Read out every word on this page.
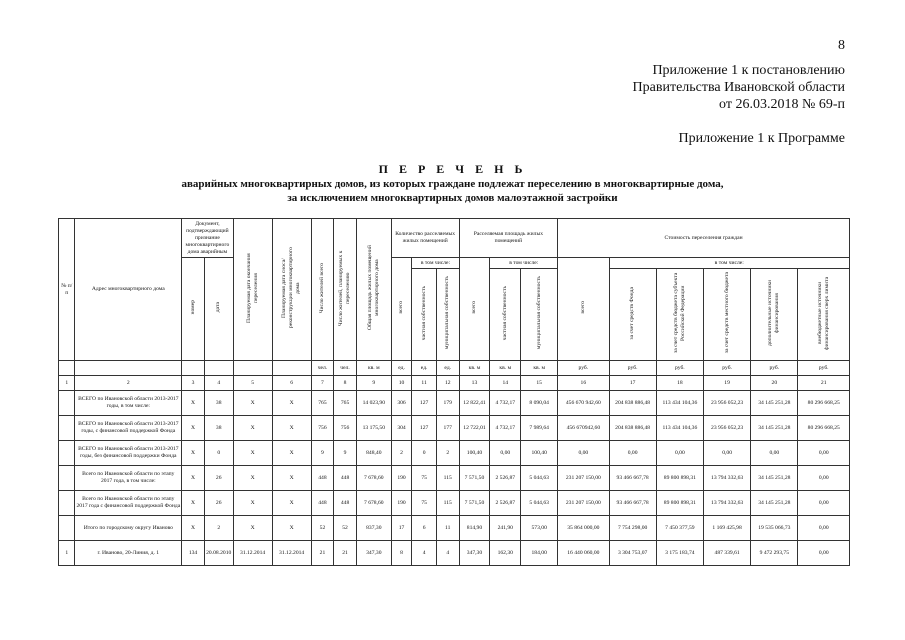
8
Приложение 1 к постановлению
Правительства Ивановской области
от 26.03.2018 № 69-п
Приложение 1 к Программе
П Е Р Е Ч Е Н Ь
аварийных многоквартирных домов, из которых граждане подлежат переселению в многоквартирные дома,
за исключением многоквартирных домов малоэтажной застройки
№ п/п	Адрес многоквартирного дома	Документ, подтверждающий признание многоквартирного дома аварийным		Планируемая дата окончания переселения	Планируемая дата сноса/реконструкции многоквартирного дома	Число жителей всего	Число жителей, планируемых к переселению	Общая площадь жилых помещений многоквартирного дома	Количество расселяемых жилых помещений			Расселяемая площадь жилых помещений			Стоимость переселения граждан					
		номер	дата						всего	в том числе:		всего	в том числе:		всего	в том числе:				
										частная собственность	муниципальная собственность		частная собственность	муниципальная собственность		за счет средств Фонда	за счет средств бюджета субъекта Российской Федерации	за счет средств местного бюджета	дополнительные источники финансирования	внебюджетные источники финансирования сверх лимита
						чел.	чел.	кв. м	ед.	ед.	ед.	кв. м	кв. м	кв. м	руб.	руб.	руб.	руб.	руб.	руб.
1	2	3	4	5	6	7	8	9	10	11	12	13	14	15	16	17	18	19	20	21
	ВСЕГО по Ивановской области 2013-2017 годы, в том числе:	X	38	X	X	765	765	14 023,90	306	127	179	12 822,41	4 732,17	8 090,04	456 670 942,60	204 838 886,48	113 434 104,36	23 956 052,23	34 145 251,28	80 296 668,25
	ВСЕГО по Ивановской области 2013-2017 годы, с финансовой поддержкой Фонда	X	38	X	X	756	756	13 175,50	304	127	177	12 722,01	4 732,17	7 989,64	456 670942,60	204 838 886,48	113 434 104,36	23 956 052,23	34 145 251,28	80 296 668,25
	ВСЕГО по Ивановской области 2013-2017 годы, без финансовой поддержки Фонда	X	0	X	X	9	9	848,40	2	0	2	100,40	0,00	100,40	0,00	0,00	0,00	0,00	0,00	0,00
	Всего по Ивановской области по этапу 2017 года, в том числе:	X	26	X	X	448	448	7 678,60	190	75	115	7 571,50	2 526,87	5 044,63	231 207 150,00	93 466 667,78	89 800 898,31	13 794 332,63	34 145 251,28	0,00
	Всего по Ивановской области по этапу 2017 года с финансовой поддержкой Фонда	X	26	X	X	448	448	7 678,60	190	75	115	7 571,50	2 526,87	5 044,63	231 207 150,00	93 466 667,78	89 800 898,31	13 794 332,63	34 145 251,28	0,00
	Итого по городскому округу Иваново	X	2	X	X	52	52	837,30	17	6	11	814,90	241,90	573,00	35 864 000,00	7 754 298,00	7 450 377,59	1 169 425,98	19 535 066,73	0,00
1	г. Иваново, 20-Линия, д. 1	134	20.08.2010	31.12.2014	31.12.2014	21	21	347,30	8	4	4	347,30	162,30	184,00	16 440 060,00	3 304 753,07	3 175 183,74	487 339,61	9 472 293,75	0,00
